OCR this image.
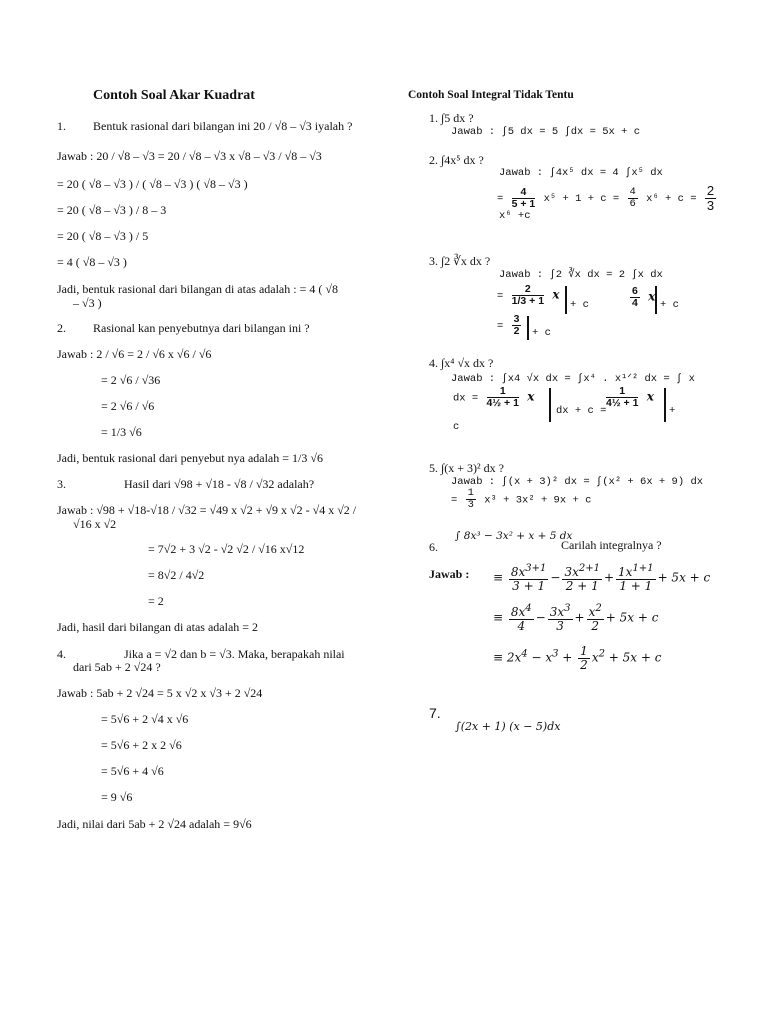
Contoh Soal Akar Kuadrat
1. Bentuk rasional dari bilangan ini 20 / √8 – √3 iyalah ?
Jawab : 20 / √8 – √3 = 20 / √8 – √3 x √8 – √3 / √8 – √3
= 20 ( √8 – √3 ) / ( √8 – √3 ) ( √8 – √3 )
= 20 ( √8 – √3 ) / 8 – 3
= 20 ( √8 – √3 ) / 5
= 4 ( √8 – √3 )
Jadi, bentuk rasional dari bilangan di atas adalah : = 4 ( √8
– √3 )
2. Rasional kan penyebutnya dari bilangan ini ?
Jawab : 2 / √6 = 2 / √6 x √6 / √6
= 2 √6 / √36
= 2 √6 / √6
= 1/3 √6
Jadi, bentuk rasional dari penyebut nya adalah = 1/3 √6
3.	Hasil dari √98 + √18 - √8 / √32 adalah?
Jawab : √98 + √18-√18 / √32 = √49 x √2 + √9 x √2 - √4 x √2 /
√16 x √2
= 7√2 + 3 √2 - √2 √2 / √16 x√12
= 8√2 / 4√2
= 2
Jadi, hasil dari bilangan di atas adalah = 2
4.	Jika a = √2 dan b = √3. Maka, berapakah nilai
dari 5ab + 2 √24 ?
Jawab : 5ab + 2 √24 = 5 x √2 x √3 + 2 √24
= 5√6 + 2 √4 x √6
= 5√6 + 2 x 2 √6
= 5√6 + 4 √6
= 9 √6
Jadi, nilai dari 5ab + 2 √24 adalah = 9√6
Contoh Soal Integral Tidak Tentu
1. ∫5 dx ?
Jawab : ∫5 dx = 5 ∫dx = 5x + c
2. ∫4x⁵ dx ?
Jawab : ∫4x⁵ dx = 4 ∫x⁵ dx
= $\frac{4}{5 + 1} x^5 + 1 + c = \frac{4}{6} x^6 + c = \frac{2}{3}$
x⁶ +c
3. ∫2 ∛x dx ?
Jawab : ∫2 ∛x dx = 2 ∫x dx
= $\frac{2}{1/3 + 1}$ x
+ c	$\frac{6}{4}$ x
+ c
= $\frac{3}{2} + c$
4. ∫x⁴ √x dx ?
Jawab : ∫x4 √x dx = ∫x⁴ . x¹ᐟ² dx = ∫ x
dx = $\frac{1}{\text{4½ + 1}}$ x
dx + c =
$\frac{1}{\text{4½ + 1}}$ x
+
c
5. ∫(x + 3)² dx ?
Jawab : ∫(x + 3)² dx = ∫(x² + 6x + 9) dx
= $\frac{1}{3} x^3 + 3x^2 + 9x + c$
6.
∫ 8x³ − 3x² + x + 5 dx
Carilah integralnya ?
Jawab : ≡ $\frac{8x^{3+1}}{3 + 1} - \frac{3x^{2+1}}{2 + 1} + \frac{1x^{1+1}}{1 + 1} + 5x + c$
≡ $\frac{8x^4}{4} - \frac{3x^3}{3} + \frac{x^2}{2} + 5x + c$
≡ $2x^4 - x^3 + \frac{1}{2} x^2 + 5x + c$
7.
∫(2x + 1) (x − 5)dx
